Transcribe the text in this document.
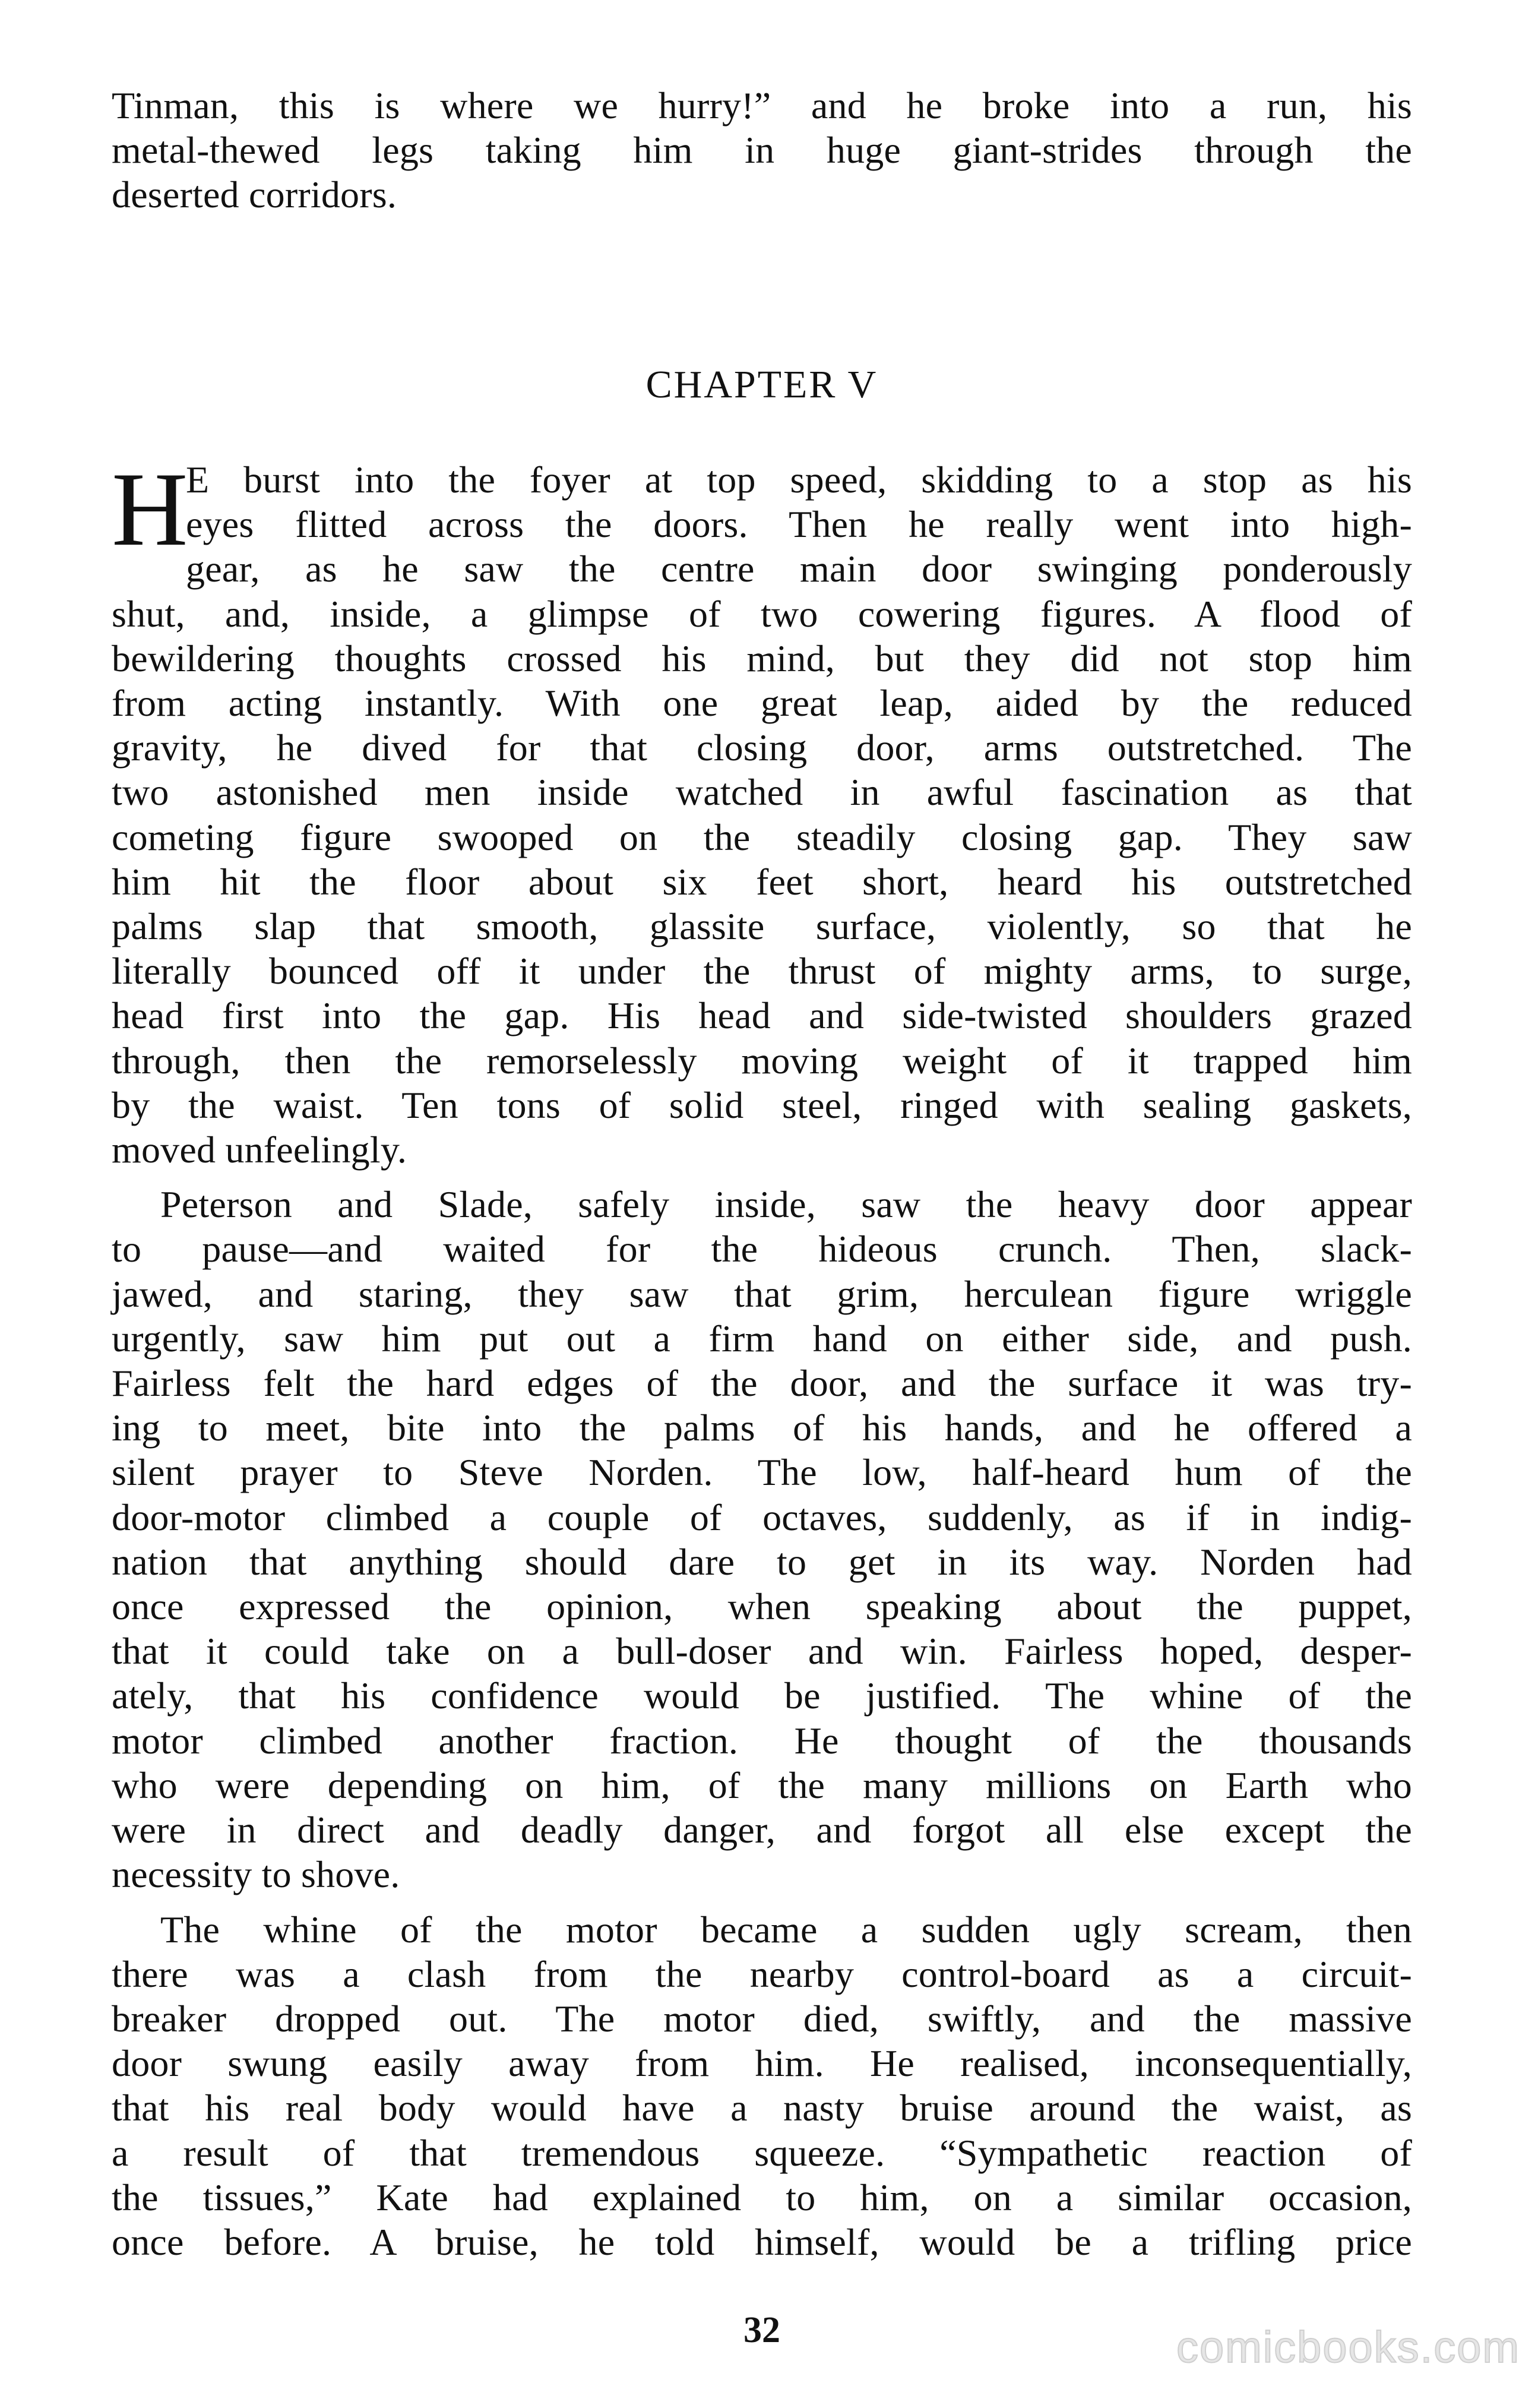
Tinman, this is where we hurry!” and he broke into a run, his
metal-thewed legs taking him in huge giant-strides through the
deserted corridors.
CHAPTER V
H
E burst into the foyer at top speed, skidding to a stop as his
eyes flitted across the doors. Then he really went into high-
gear, as he saw the centre main door swinging ponderously
shut, and, inside, a glimpse of two cowering figures. A flood of
bewildering thoughts crossed his mind, but they did not stop him
from acting instantly. With one great leap, aided by the reduced
gravity, he dived for that closing door, arms outstretched. The
two astonished men inside watched in awful fascination as that
cometing figure swooped on the steadily closing gap. They saw
him hit the floor about six feet short, heard his outstretched
palms slap that smooth, glassite surface, violently, so that he
literally bounced off it under the thrust of mighty arms, to surge,
head first into the gap. His head and side-twisted shoulders grazed
through, then the remorselessly moving weight of it trapped him
by the waist. Ten tons of solid steel, ringed with sealing gaskets,
moved unfeelingly.
Peterson and Slade, safely inside, saw the heavy door appear
to pause—and waited for the hideous crunch. Then, slack-
jawed, and staring, they saw that grim, herculean figure wriggle
urgently, saw him put out a firm hand on either side, and push.
Fairless felt the hard edges of the door, and the surface it was try-
ing to meet, bite into the palms of his hands, and he offered a
silent prayer to Steve Norden. The low, half-heard hum of the
door-motor climbed a couple of octaves, suddenly, as if in indig-
nation that anything should dare to get in its way. Norden had
once expressed the opinion, when speaking about the puppet,
that it could take on a bull-doser and win. Fairless hoped, desper-
ately, that his confidence would be justified. The whine of the
motor climbed another fraction. He thought of the thousands
who were depending on him, of the many millions on Earth who
were in direct and deadly danger, and forgot all else except the
necessity to shove.
The whine of the motor became a sudden ugly scream, then
there was a clash from the nearby control-board as a circuit-
breaker dropped out. The motor died, swiftly, and the massive
door swung easily away from him. He realised, inconsequentially,
that his real body would have a nasty bruise around the waist, as
a result of that tremendous squeeze. “Sympathetic reaction of
the tissues,” Kate had explained to him, on a similar occasion,
once before. A bruise, he told himself, would be a trifling price
32	comicbooks.com
